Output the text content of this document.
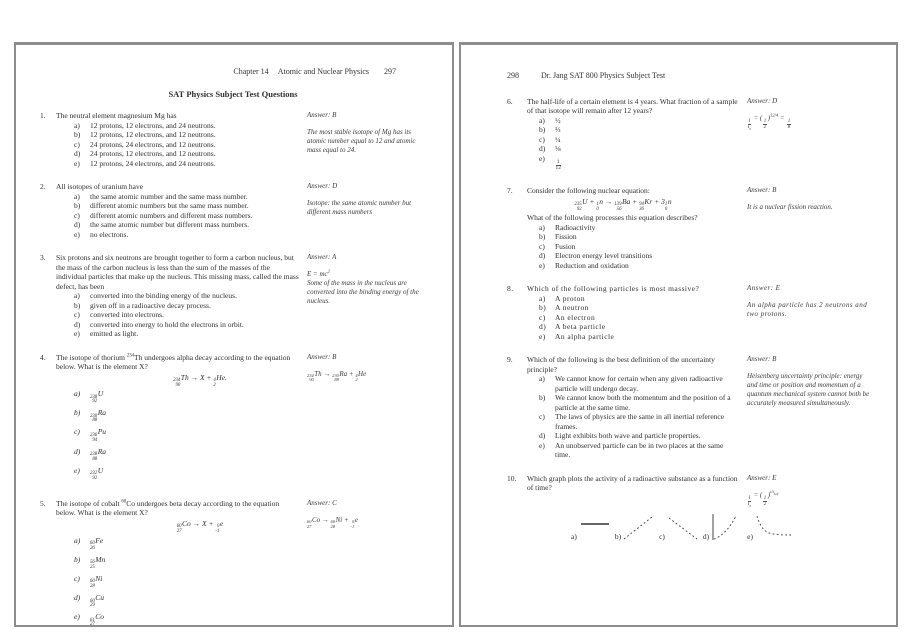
Chapter 14 Atomic and Nuclear Physics 297
SAT Physics Subject Test Questions
1.	The neutral element magnesium Mg has
a)	12 protons, 12 electrons, and 24 neutrons.
b)	12 protons, 12 electrons, and 12 neutrons.
c)	24 protons, 24 electrons, and 12 neutrons.
d)	24 protons, 12 electrons, and 12 neutrons.
e)	12 protons, 24 electrons, and 24 neutrons.
Answer: B
The most stable isotope of Mg has its atomic number equal to 12 and atomic mass equal to 24.
2.	All isotopes of uranium have
a)	the same atomic number and the same mass number.
b)	different atomic numbers but the same mass number.
c)	different atomic numbers and different mass numbers.
d)	the same atomic number but different mass numbers.
e)	no electrons.
Answer: D
Isotope: the same atomic number but different mass numbers
3.	Six protons and six neutrons are brought together to form a carbon nucleus, but the mass of the carbon nucleus is less than the sum of the masses of the individual particles that make up the nucleus. This missing mass, called the mass defect, has been
a)	converted into the binding energy of the nucleus.
b)	given off in a radioactive decay process.
c)	converted into electrons.
d)	converted into energy to hold the electrons in orbit.
e)	emitted as light.
Answer: A
$E = mc^2$
Some of the mass in the nucleus are converted into the binding energy of the nucleus.
4.	The isotope of thorium $^{234}$Th undergoes alpha decay according to the equation below. What is the element X?
234
90
Th → X + 4
2
He.
a)	238
92
U
b)	230
88
Ra
c)	236
94
Pu
d)	238
88
Ra
e)	232
92
U
Answer: B
234
90
Th → 230
88
Ra + 4
2
He
5.	The isotope of cobalt $^{60}$Co undergoes beta decay according to the equation below. What is the element X?
60
27
Co → X + 0
-1
e
a)	60
26
Fe
b)	56
25
Mn
c)	60
28
Ni
d)	60
29
Cu
e)	61
27
Co
Answer: C
60
27
Co → 60
28
Ni + 0
-1
e
298	Dr. Jang SAT 800 Physics Subject Test
6.	The half-life of a certain element is 4 years. What fraction of a sample of that isotope will remain after 12 years?
a)	½
b)	⅓
c)	¼
d)	⅛
e)
$\frac{1}{12}$
Answer: D
$\frac{I}{I_0}$
= (
$\frac{1}{2}$
)$^{12/4}$ =
$\frac{1}{8}$
7.	Consider the following nuclear equation:
235
92
U + 1
0
n → 139
56
Ba + 94
36
Kr + 3 1
0
n
What of the following processes this equation describes?
a)	Radioactivity
b)	Fission
c)	Fusion
d)	Electron energy level transitions
e)	Reduction and oxidation
Answer: B
It is a nuclear fission reaction.
8.	Which of the following particles is most massive?
a)	A proton
b)	A neutron
c)	An electron
d)	A beta particle
e)	An alpha particle
Answer: E
An alpha particle has 2 neutrons and two protons.
9.	Which of the following is the best definition of the uncertainty principle?
a)	We cannot know for certain when any given radioactive particle will undergo decay.
b)	We cannot know both the momentum and the position of a particle at the same time.
c)	The laws of physics are the same in all inertial reference frames.
d)	Light exhibits both wave and particle properties.
e)	An unobserved particle can be in two places at the same time.
Answer: B
Heisenberg uncertainty principle: energy and time or position and momentum of a quantum mechanical system cannot both be accurately measured simultaneously.
10.	Which graph plots the activity of a radioactive substance as a function of time?
Answer: E
$\frac{I}{I_0}$
= (
$\frac{1}{2}$
)$^{t/t_{half}}$
a)	b)	c)	d)	e)
